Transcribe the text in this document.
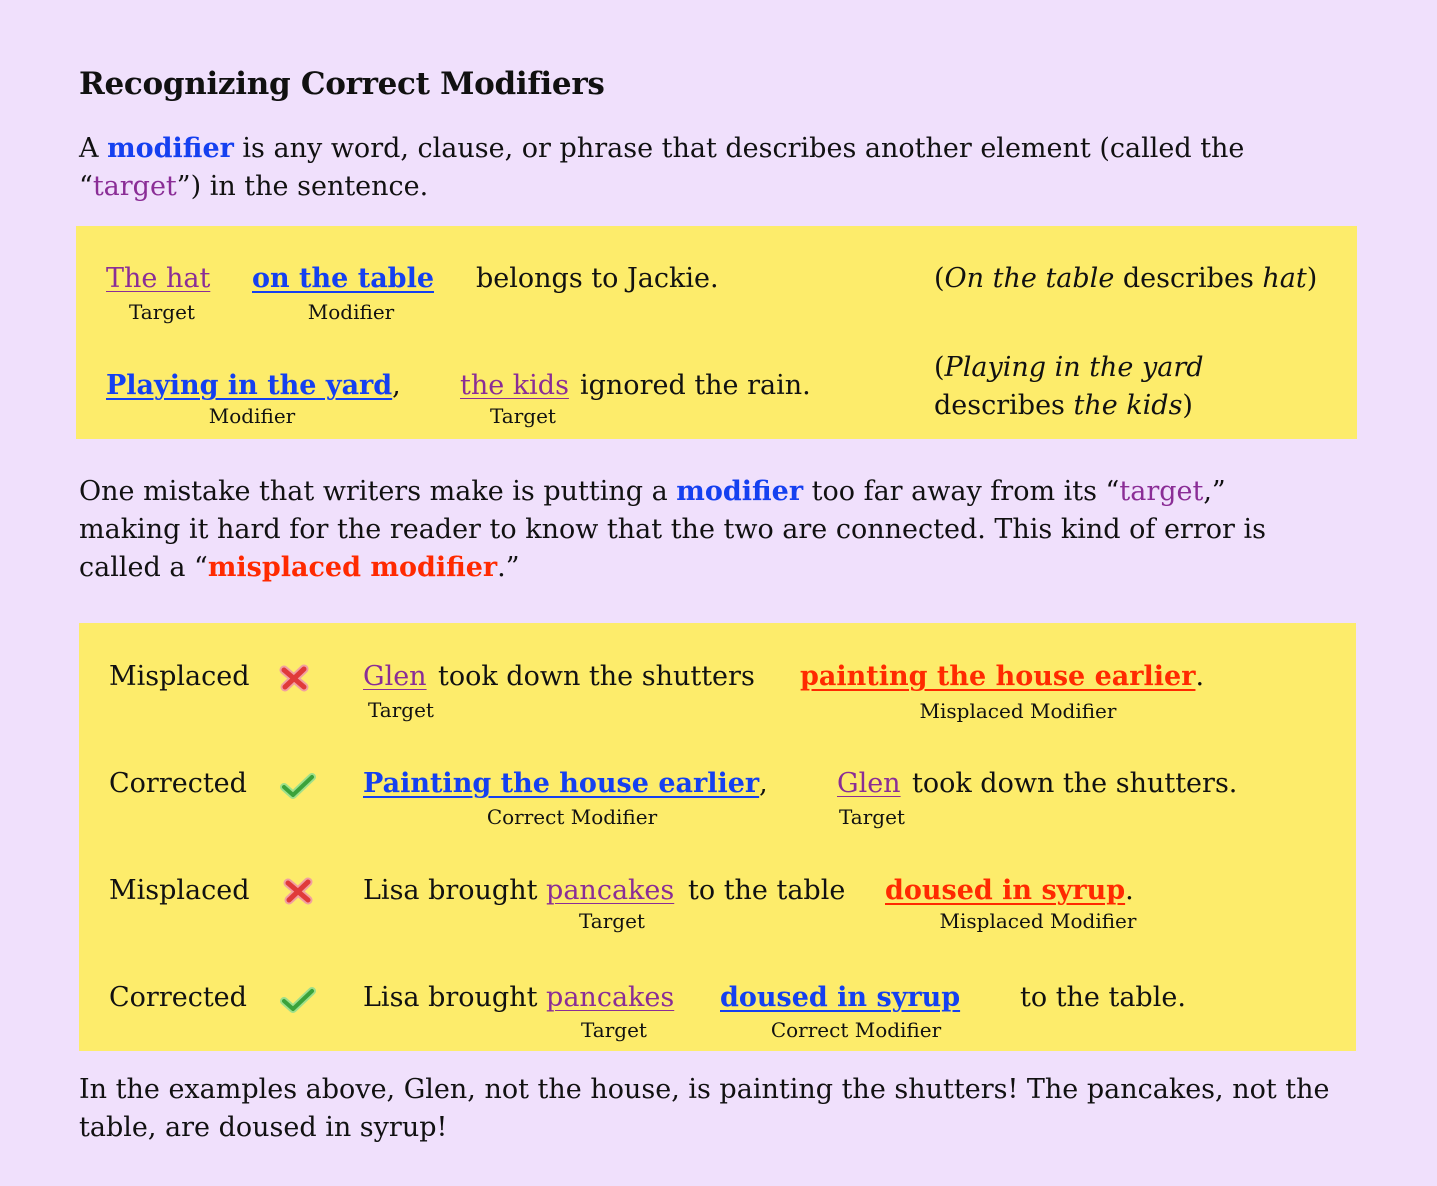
Recognizing Correct Modifiers

A modifier is any word, clause, or phrase that describes another element (called the
“target”) in the sentence.

The hat
Target
on the table
Modifier
belongs to Jackie.	(On the table describes hat)
Playing in the yard,
Modifier
the kids
Target
ignored the rain.
(Playing in the yard
describes the kids)

One mistake that writers make is putting a modifier too far away from its “target,”
making it hard for the reader to know that the two are connected. This kind of error is
called a “misplaced modifier.”

Misplaced	Glen
Target
took down the shutters painting the house earlier.
Misplaced Modifier
Corrected	Painting the house earlier,
Correct Modifier
Glen
Target
took down the shutters.
Misplaced	Lisa brought pancakes
Target
to the table doused in syrup.
Misplaced Modifier
Corrected	Lisa brought pancakes
Target
doused in syrup
Correct Modifier
to the table.

In the examples above, Glen, not the house, is painting the shutters! The pancakes, not the
table, are doused in syrup!
